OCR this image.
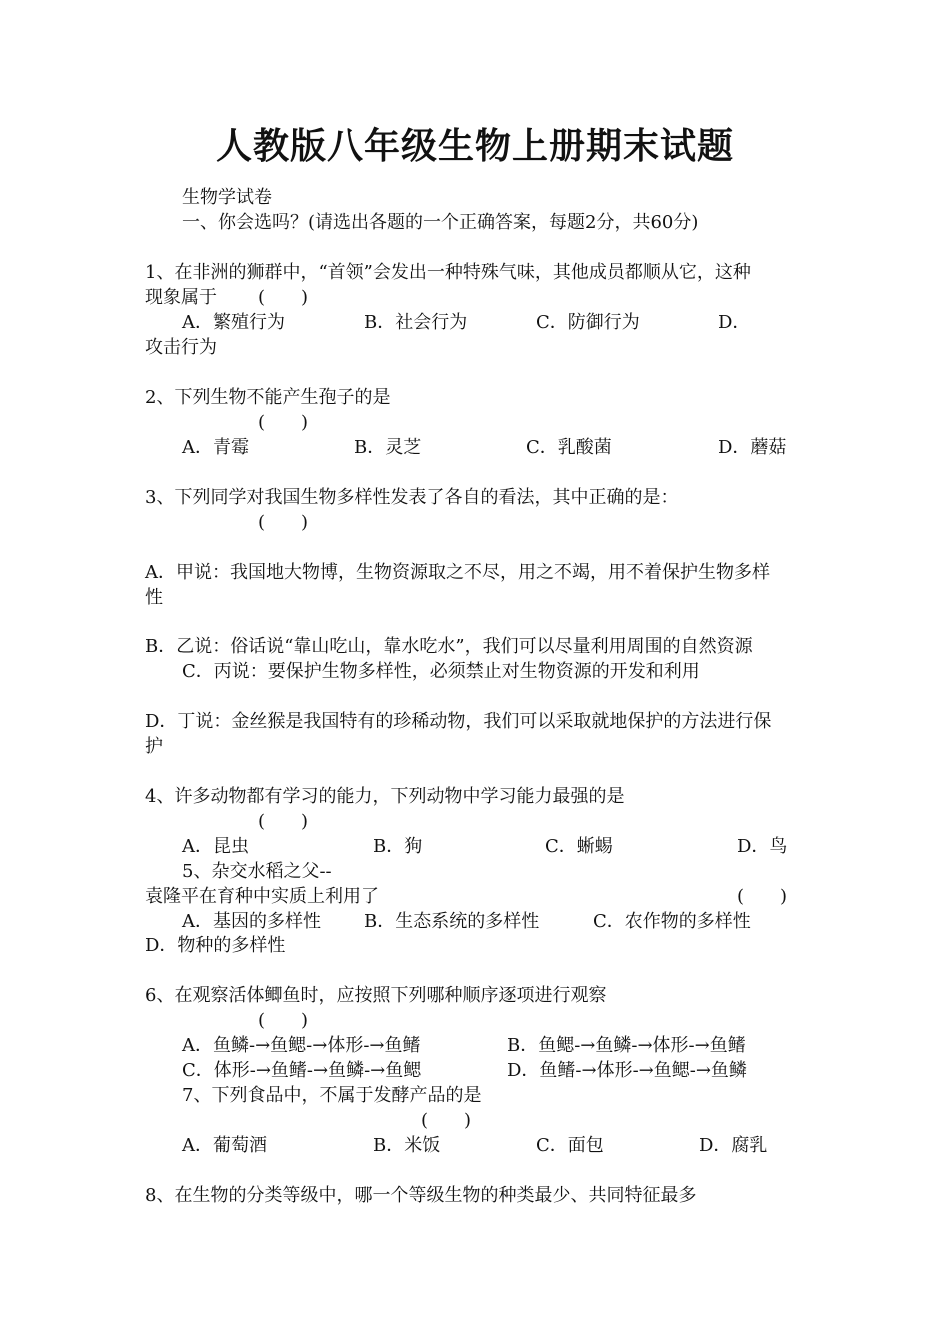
人教版八年级生物上册期末试题
生物学试卷
一、你会选吗？(请选出各题的一个正确答案，每题2分，共60分)
1、在非洲的狮群中，“首领”会发出一种特殊气味，其他成员都顺从它，这种
现象属于 (　　)
A．繁殖行为	B．社会行为	C．防御行为	D．
攻击行为
2、下列生物不能产生孢子的是
(　　)
A．青霉	B．灵芝	C．乳酸菌	D．蘑菇
3、下列同学对我国生物多样性发表了各自的看法，其中正确的是：
(　　)
A．甲说：我国地大物博，生物资源取之不尽，用之不竭，用不着保护生物多样
性
B．乙说：俗话说“靠山吃山，靠水吃水”，我们可以尽量利用周围的自然资源
C．丙说：要保护生物多样性，必须禁止对生物资源的开发和利用
D．丁说：金丝猴是我国特有的珍稀动物，我们可以采取就地保护的方法进行保
护
4、许多动物都有学习的能力，下列动物中学习能力最强的是
(　　)
A．昆虫	B．狗	C．蜥蜴	D．鸟
5、杂交水稻之父--
袁隆平在育种中实质上利用了	(　　)
A．基因的多样性 B．生态系统的多样性	C．农作物的多样性
D．物种的多样性
6、在观察活体鲫鱼时，应按照下列哪种顺序逐项进行观察
(　　)
A．鱼鳞-→鱼鳃-→体形-→鱼鳍	B．鱼鳃-→鱼鳞-→体形-→鱼鳍
C．体形-→鱼鳍-→鱼鳞-→鱼鳃	D．鱼鳍-→体形-→鱼鳃-→鱼鳞
7、下列食品中，不属于发酵产品的是
(　　)
A．葡萄酒	B．米饭	C．面包	D．腐乳
8、在生物的分类等级中，哪一个等级生物的种类最少、共同特征最多
